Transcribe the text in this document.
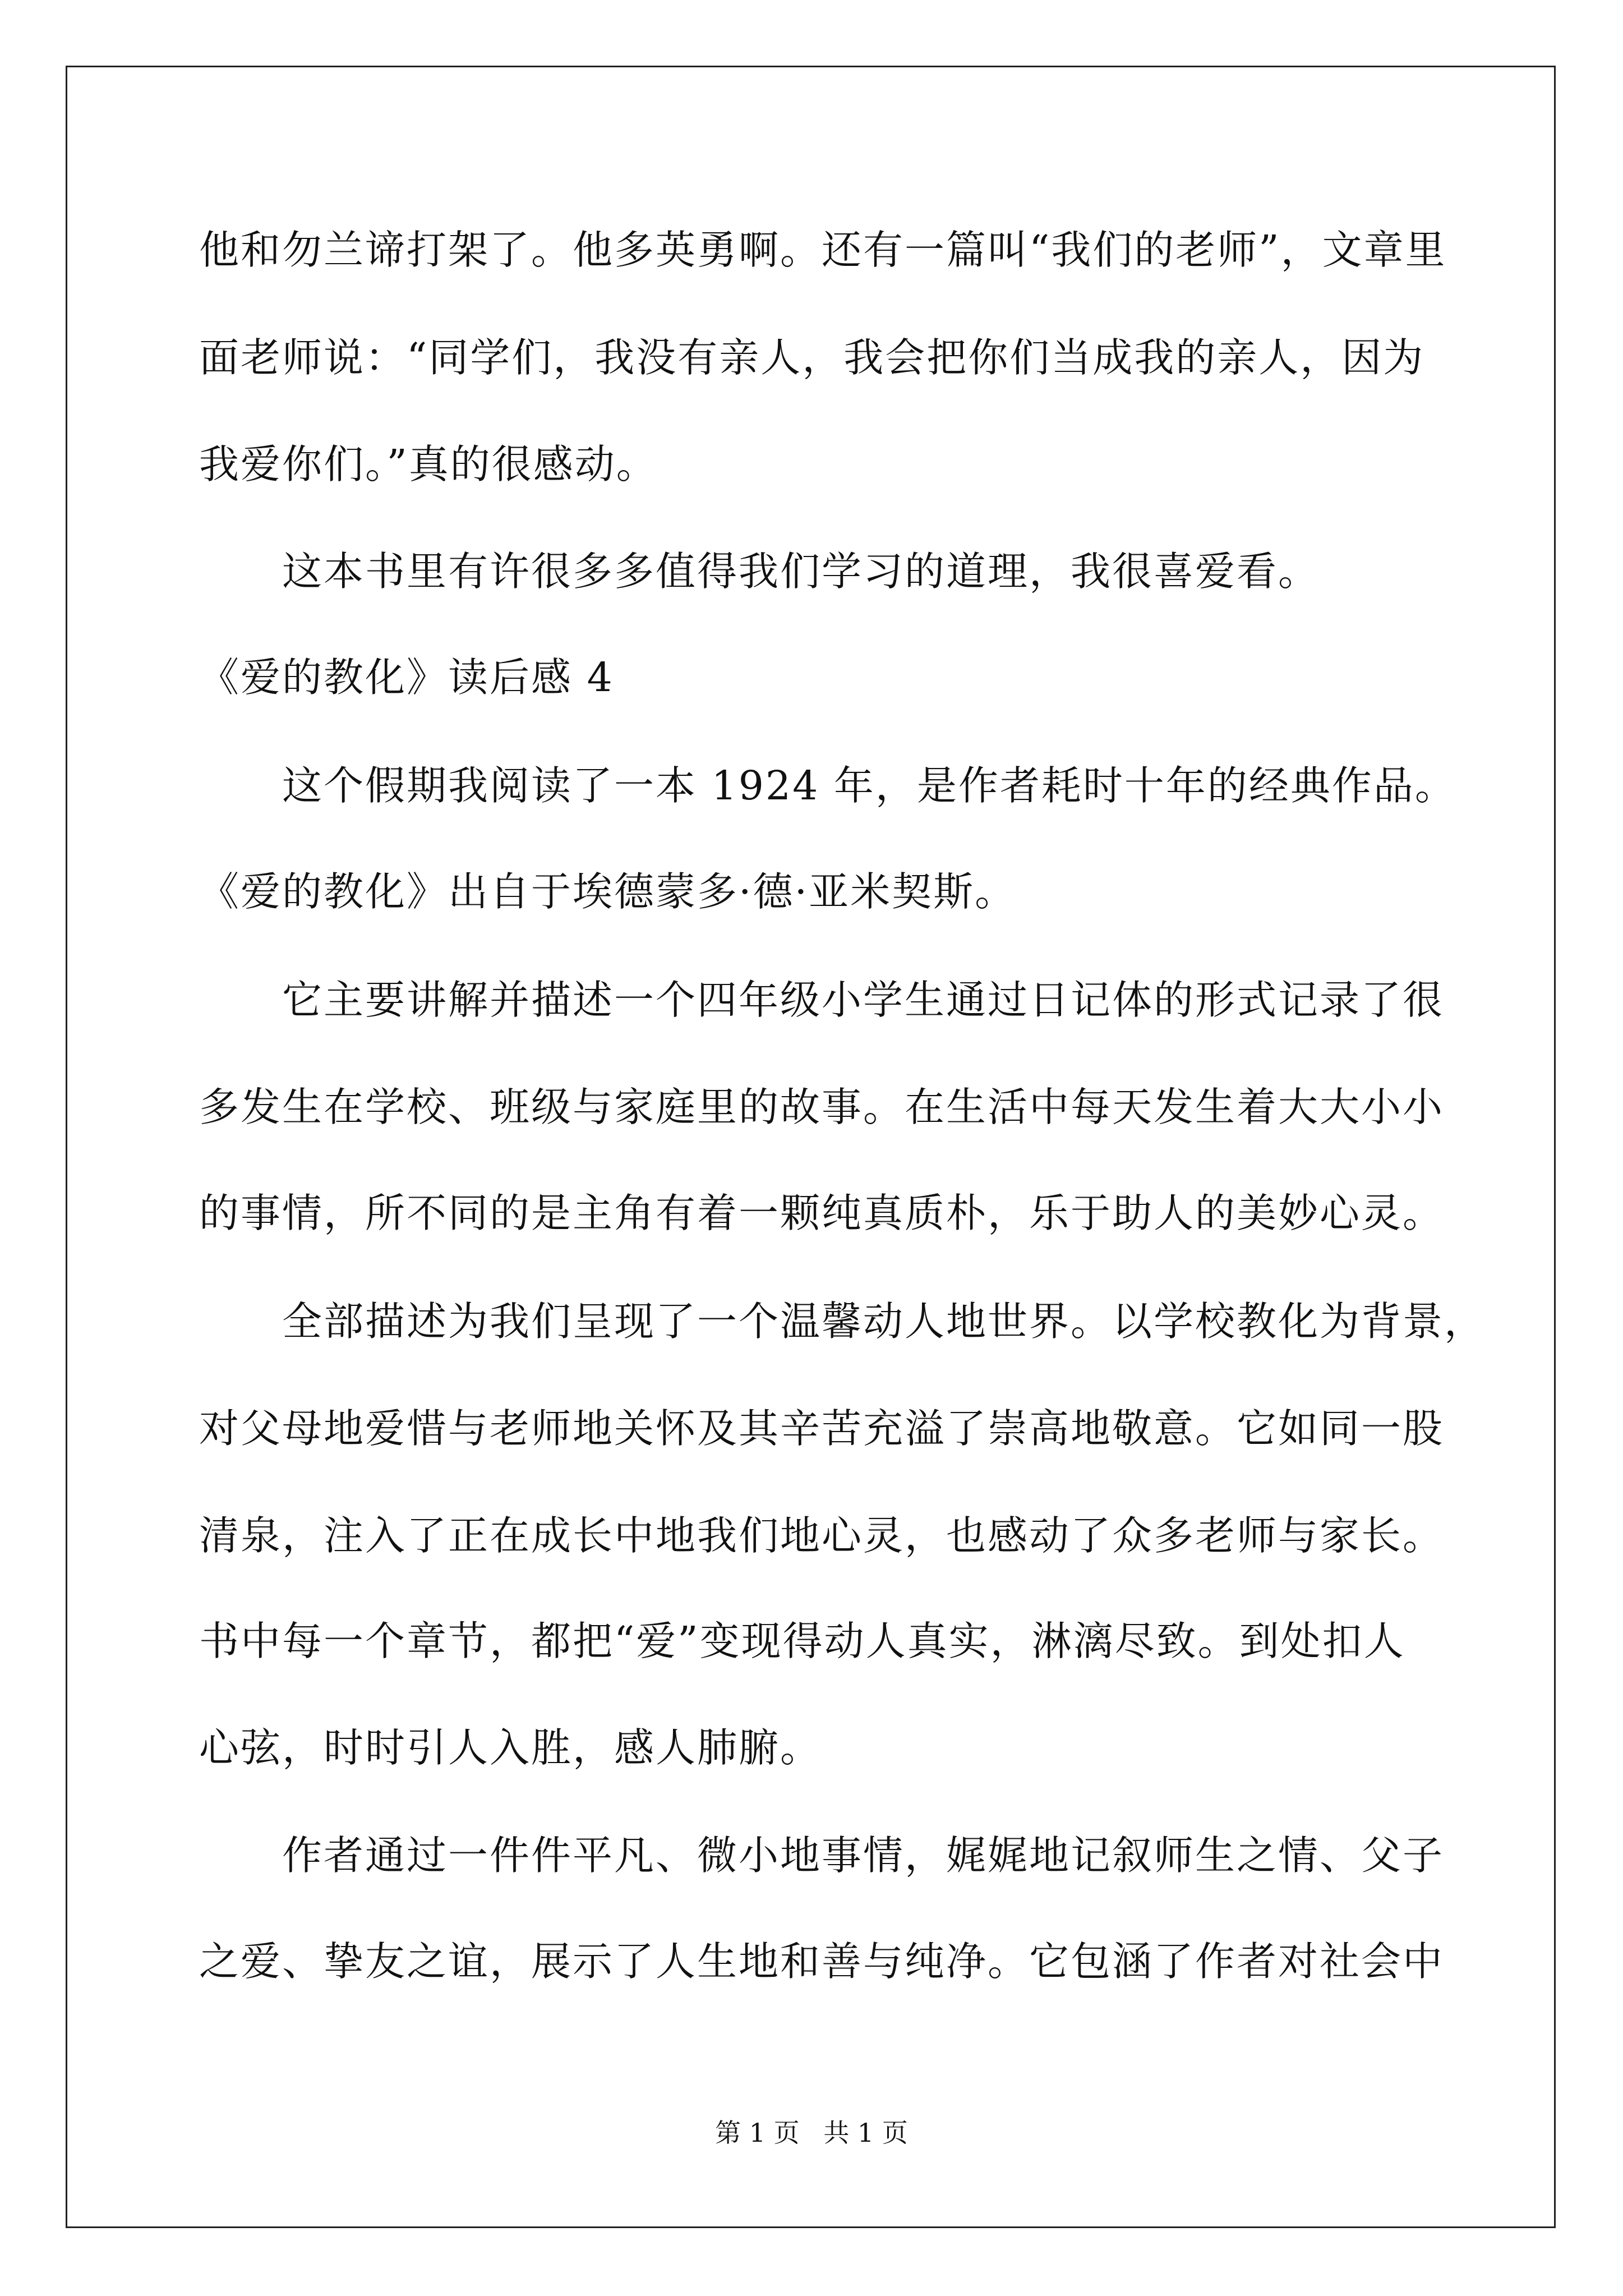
他和勿兰谛打架了。他多英勇啊。还有一篇叫“我们的老师”，文章里
面老师说：“同学们，我没有亲人，我会把你们当成我的亲人，因为
我爱你们。”真的很感动。
这本书里有许很多多值得我们学习的道理，我很喜爱看。
《爱的教化》读后感 4
这个假期我阅读了一本 1924 年，是作者耗时十年的经典作品。
《爱的教化》出自于埃德蒙多·德·亚米契斯。
它主要讲解并描述一个四年级小学生通过日记体的形式记录了很
多发生在学校、班级与家庭里的故事。在生活中每天发生着大大小小
的事情，所不同的是主角有着一颗纯真质朴，乐于助人的美妙心灵。
全部描述为我们呈现了一个温馨动人地世界。以学校教化为背景，
对父母地爱惜与老师地关怀及其辛苦充溢了崇高地敬意。它如同一股
清泉，注入了正在成长中地我们地心灵，也感动了众多老师与家长。
书中每一个章节，都把“爱”变现得动人真实，淋漓尽致。到处扣人
心弦，时时引人入胜，感人肺腑。
作者通过一件件平凡、微小地事情，娓娓地记叙师生之情、父子
之爱、挚友之谊，展示了人生地和善与纯净。它包涵了作者对社会中
第 1 页 共 1 页
